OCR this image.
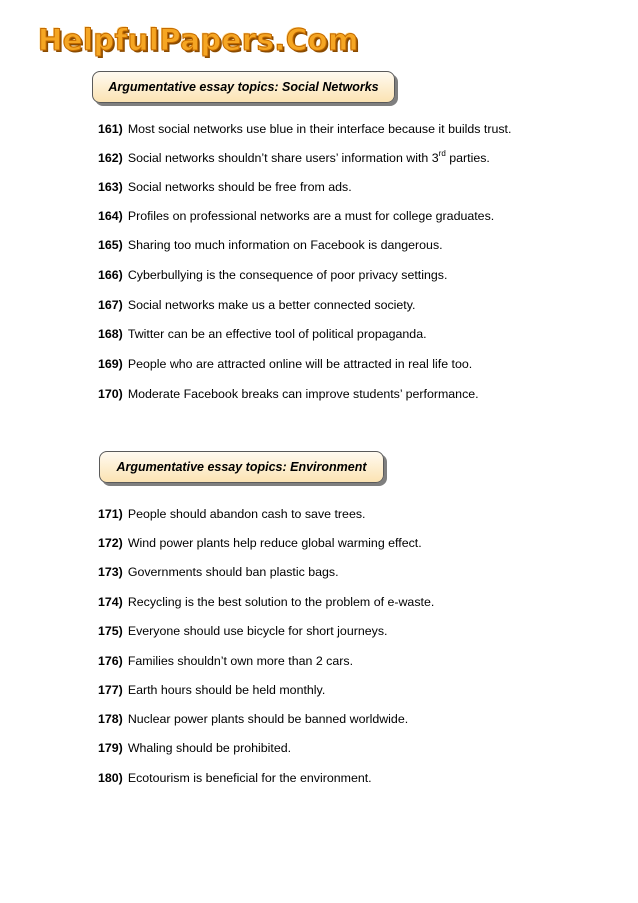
HelpfulPapers.Com
Argumentative essay topics: Social Networks
161) Most social networks use blue in their interface because it builds trust.
162) Social networks shouldn’t share users’ information with 3rd parties.
163) Social networks should be free from ads.
164) Profiles on professional networks are a must for college graduates.
165) Sharing too much information on Facebook is dangerous.
166) Cyberbullying is the consequence of poor privacy settings.
167) Social networks make us a better connected society.
168) Twitter can be an effective tool of political propaganda.
169) People who are attracted online will be attracted in real life too.
170) Moderate Facebook breaks can improve students’ performance.
Argumentative essay topics: Environment
171) People should abandon cash to save trees.
172) Wind power plants help reduce global warming effect.
173) Governments should ban plastic bags.
174) Recycling is the best solution to the problem of e-waste.
175) Everyone should use bicycle for short journeys.
176) Families shouldn’t own more than 2 cars.
177) Earth hours should be held monthly.
178) Nuclear power plants should be banned worldwide.
179) Whaling should be prohibited.
180) Ecotourism is beneficial for the environment.
